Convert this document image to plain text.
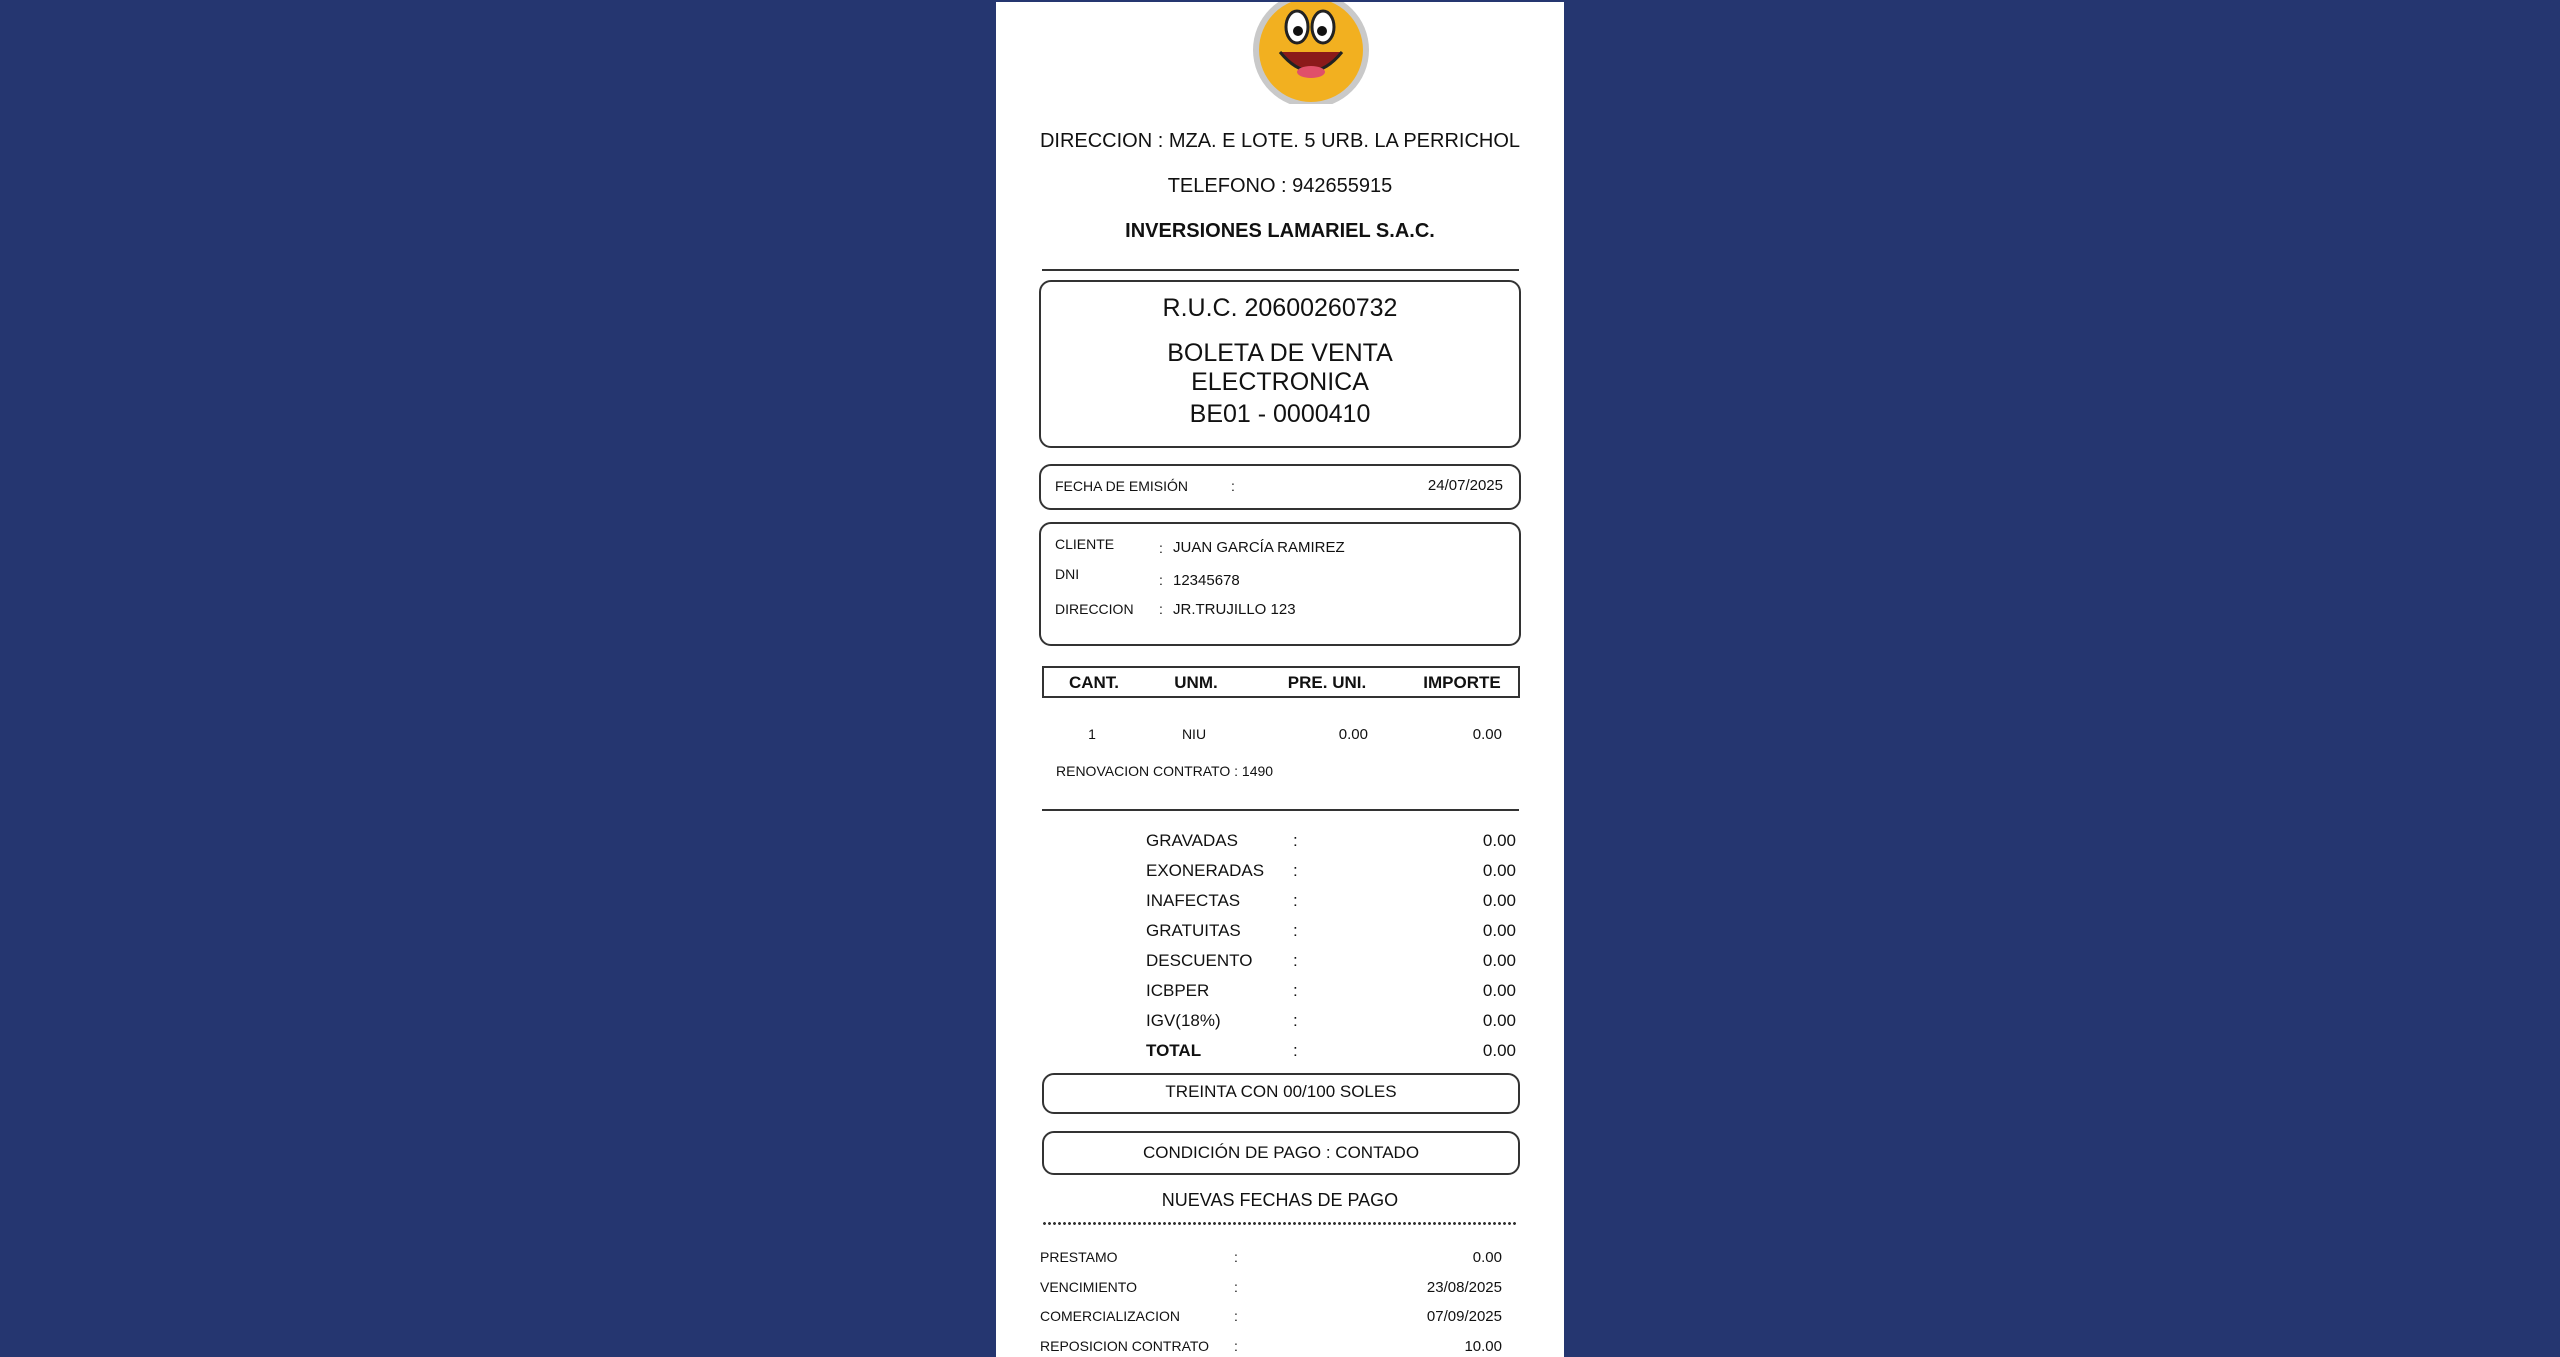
DIRECCION : MZA. E LOTE. 5 URB. LA PERRICHOL
TELEFONO : 942655915
INVERSIONES LAMARIEL S.A.C.
R.U.C. 20600260732
BOLETA DE VENTA
ELECTRONICA
BE01 - 0000410
FECHA DE EMISIÓN	:	24/07/2025
CLIENTE	: JUAN GARCÍA RAMIREZ
DNI	: 12345678
DIRECCION : JR.TRUJILLO 123
CANT.	UNM.	PRE. UNI.	IMPORTE
1	NIU	0.00	0.00
RENOVACION CONTRATO : 1490
GRAVADAS	:	0.00
EXONERADAS :	0.00
INAFECTAS	:	0.00
GRATUITAS	:	0.00
DESCUENTO :	0.00
ICBPER	:	0.00
IGV(18%)	:	0.00
TOTAL	:	0.00
TREINTA CON 00/100 SOLES
CONDICIÓN DE PAGO : CONTADO
NUEVAS FECHAS DE PAGO
PRESTAMO	:	0.00
VENCIMIENTO	:	23/08/2025
COMERCIALIZACION	:	07/09/2025
REPOSICION CONTRATO :	10.00
